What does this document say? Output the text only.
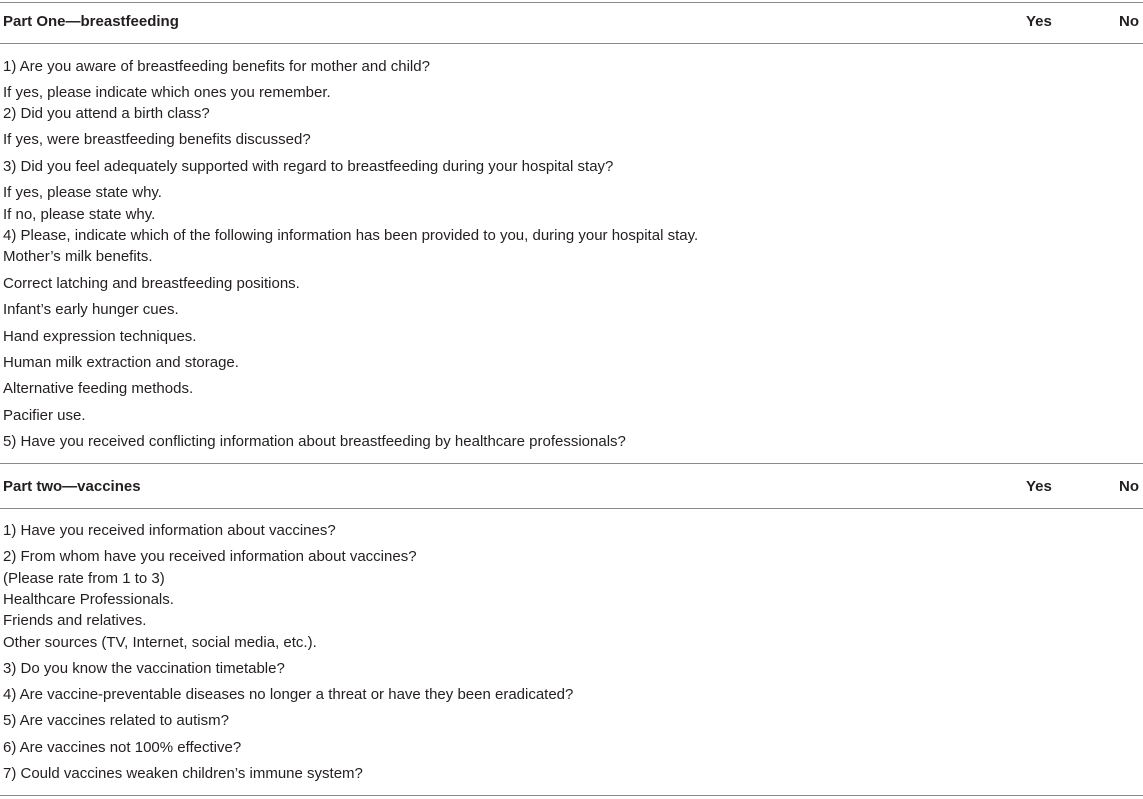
Part One—breastfeeding	Yes	No
1) Are you aware of breastfeeding benefits for mother and child?
If yes, please indicate which ones you remember.
2) Did you attend a birth class?
If yes, were breastfeeding benefits discussed?
3) Did you feel adequately supported with regard to breastfeeding during your hospital stay?
If yes, please state why.
If no, please state why.
4) Please, indicate which of the following information has been provided to you, during your hospital stay.
Mother’s milk benefits.
Correct latching and breastfeeding positions.
Infant’s early hunger cues.
Hand expression techniques.
Human milk extraction and storage.
Alternative feeding methods.
Pacifier use.
5) Have you received conflicting information about breastfeeding by healthcare professionals?
Part two—vaccines	Yes	No
1) Have you received information about vaccines?
2) From whom have you received information about vaccines?
(Please rate from 1 to 3)
Healthcare Professionals.
Friends and relatives.
Other sources (TV, Internet, social media, etc.).
3) Do you know the vaccination timetable?
4) Are vaccine-preventable diseases no longer a threat or have they been eradicated?
5) Are vaccines related to autism?
6) Are vaccines not 100% effective?
7) Could vaccines weaken children’s immune system?
